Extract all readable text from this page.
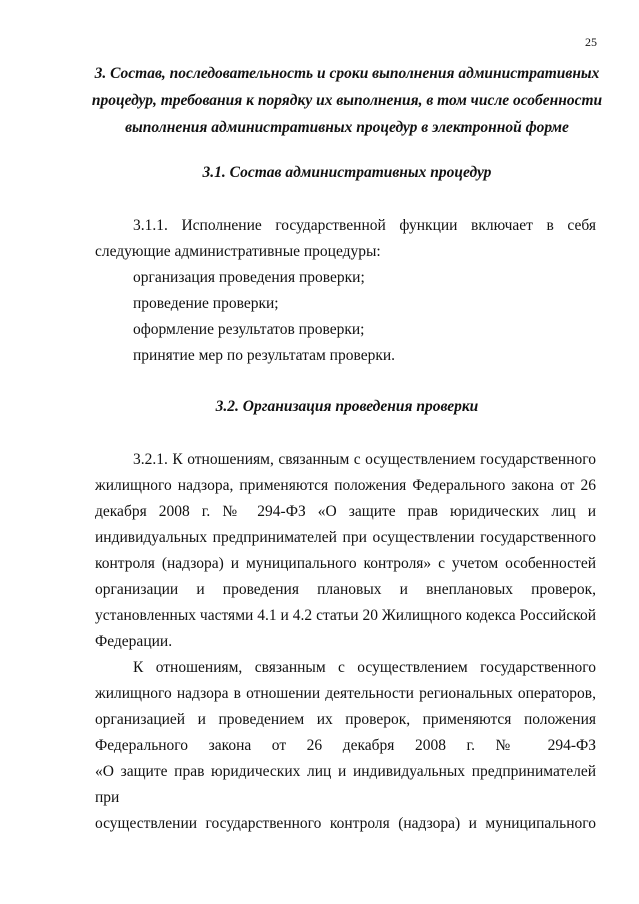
25
3. Состав, последовательность и сроки выполнения административных процедур, требования к порядку их выполнения, в том числе особенности выполнения административных процедур в электронной форме
3.1. Состав административных процедур
3.1.1. Исполнение государственной функции включает в себя
следующие административные процедуры:
организация проведения проверки;
проведение проверки;
оформление результатов проверки;
принятие мер по результатам проверки.
3.2. Организация проведения проверки
3.2.1. К отношениям, связанным с осуществлением государственного
жилищного надзора, применяются положения Федерального закона от 26
декабря 2008 г. № 294-ФЗ «О защите прав юридических лиц и
индивидуальных предпринимателей при осуществлении государственного
контроля (надзора) и муниципального контроля» с учетом особенностей
организации и проведения плановых и внеплановых проверок,
установленных частями 4.1 и 4.2 статьи 20 Жилищного кодекса Российской
Федерации.
К отношениям, связанным с осуществлением государственного
жилищного надзора в отношении деятельности региональных операторов,
организацией и проведением их проверок, применяются положения
Федерального закона от 26 декабря 2008 г. № 294-ФЗ
«О защите прав юридических лиц и индивидуальных предпринимателей при
осуществлении государственного контроля (надзора) и муниципального
